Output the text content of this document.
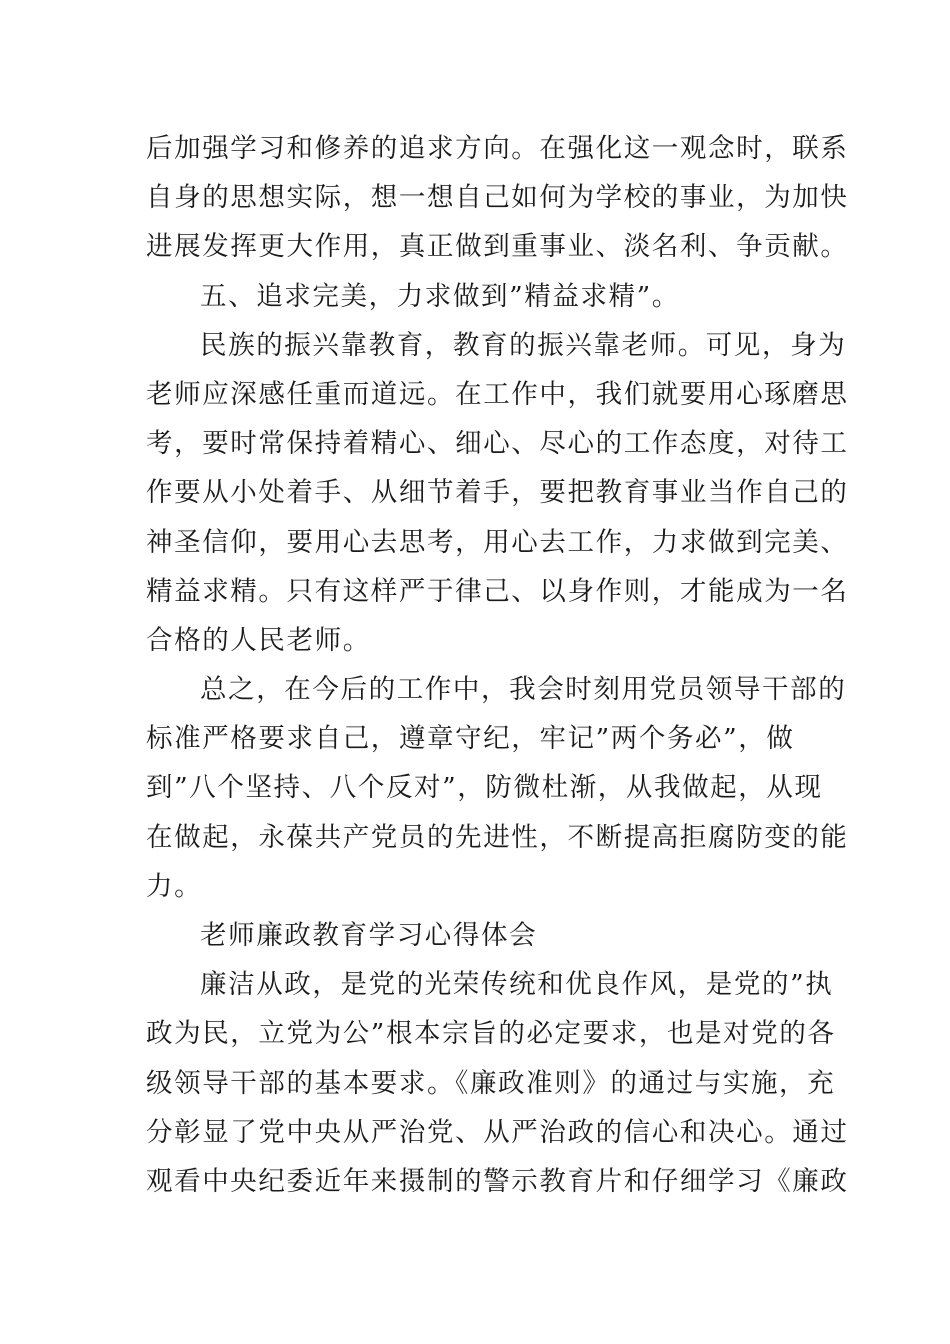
后加强学习和修养的追求方向。在强化这一观念时，联系
自身的思想实际，想一想自己如何为学校的事业，为加快
进展发挥更大作用，真正做到重事业、淡名利、争贡献。
五、追求完美，力求做到”精益求精”。
民族的振兴靠教育，教育的振兴靠老师。可见，身为
老师应深感任重而道远。在工作中，我们就要用心琢磨思
考，要时常保持着精心、细心、尽心的工作态度，对待工
作要从小处着手、从细节着手，要把教育事业当作自己的
神圣信仰，要用心去思考，用心去工作，力求做到完美、
精益求精。只有这样严于律己、以身作则，才能成为一名
合格的人民老师。
总之，在今后的工作中，我会时刻用党员领导干部的
标准严格要求自己，遵章守纪，牢记”两个务必”，做
到”八个坚持、八个反对”，防微杜渐，从我做起，从现
在做起，永葆共产党员的先进性，不断提高拒腐防变的能
力。
老师廉政教育学习心得体会
廉洁从政，是党的光荣传统和优良作风，是党的”执
政为民，立党为公”根本宗旨的必定要求，也是对党的各
级领导干部的基本要求。《廉政准则》的通过与实施，充
分彰显了党中央从严治党、从严治政的信心和决心。通过
观看中央纪委近年来摄制的警示教育片和仔细学习《廉政
